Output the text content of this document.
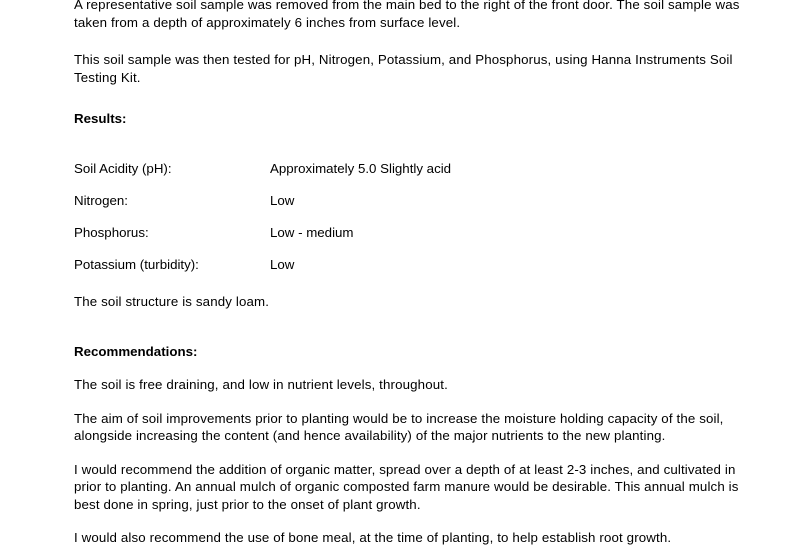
A representative soil sample was removed from the main bed to the right of the front door. The soil sample was taken from a depth of approximately 6 inches from surface level.

This soil sample was then tested for pH, Nitrogen, Potassium, and Phosphorus, using Hanna Instruments Soil Testing Kit.

Results:

Soil Acidity (pH):	Approximately 5.0 Slightly acid
Nitrogen:	Low
Phosphorus:	Low - medium
Potassium (turbidity):	Low

The soil structure is sandy loam.

Recommendations:

The soil is free draining, and low in nutrient levels, throughout.

The aim of soil improvements prior to planting would be to increase the moisture holding capacity of the soil, alongside increasing the content (and hence availability) of the major nutrients to the new planting.

I would recommend the addition of organic matter, spread over a depth of at least 2-3 inches, and cultivated in prior to planting. An annual mulch of organic composted farm manure would be desirable. This annual mulch is best done in spring, just prior to the onset of plant growth.

I would also recommend the use of bone meal, at the time of planting, to help establish root growth.
